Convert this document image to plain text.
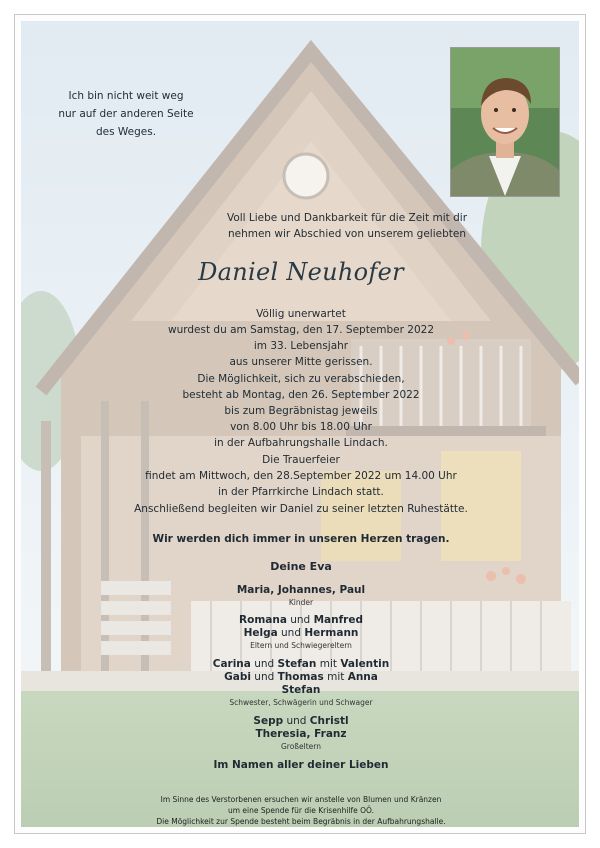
Ich bin nicht weit weg
nur auf der anderen Seite
des Weges.
Voll Liebe und Dankbarkeit für die Zeit mit dir
nehmen wir Abschied von unserem geliebten
Daniel Neuhofer
Völlig unerwartet
wurdest du am Samstag, den 17. September 2022
im 33. Lebensjahr
aus unserer Mitte gerissen.
Die Möglichkeit, sich zu verabschieden,
besteht ab Montag, den 26. September 2022
bis zum Begräbnistag jeweils
von 8.00 Uhr bis 18.00 Uhr
in der Aufbahrungshalle Lindach.
Die Trauerfeier
findet am Mittwoch, den 28.September 2022 um 14.00 Uhr
in der Pfarrkirche Lindach statt.
Anschließend begleiten wir Daniel zu seiner letzten Ruhestätte.
Wir werden dich immer in unseren Herzen tragen.
Deine Eva
Maria, Johannes, Paul
Kinder
Romana und Manfred
Helga und Hermann
Eltern und Schwiegereltern
Carina und Stefan mit Valentin
Gabi und Thomas mit Anna
Stefan
Schwester, Schwägerin und Schwager
Sepp und Christl
Theresia, Franz
Großeltern
Im Namen aller deiner Lieben
Im Sinne des Verstorbenen ersuchen wir anstelle von Blumen und Kränzen
um eine Spende für die Krisenhilfe OÖ.
Die Möglichkeit zur Spende besteht beim Begräbnis in der Aufbahrungshalle.
